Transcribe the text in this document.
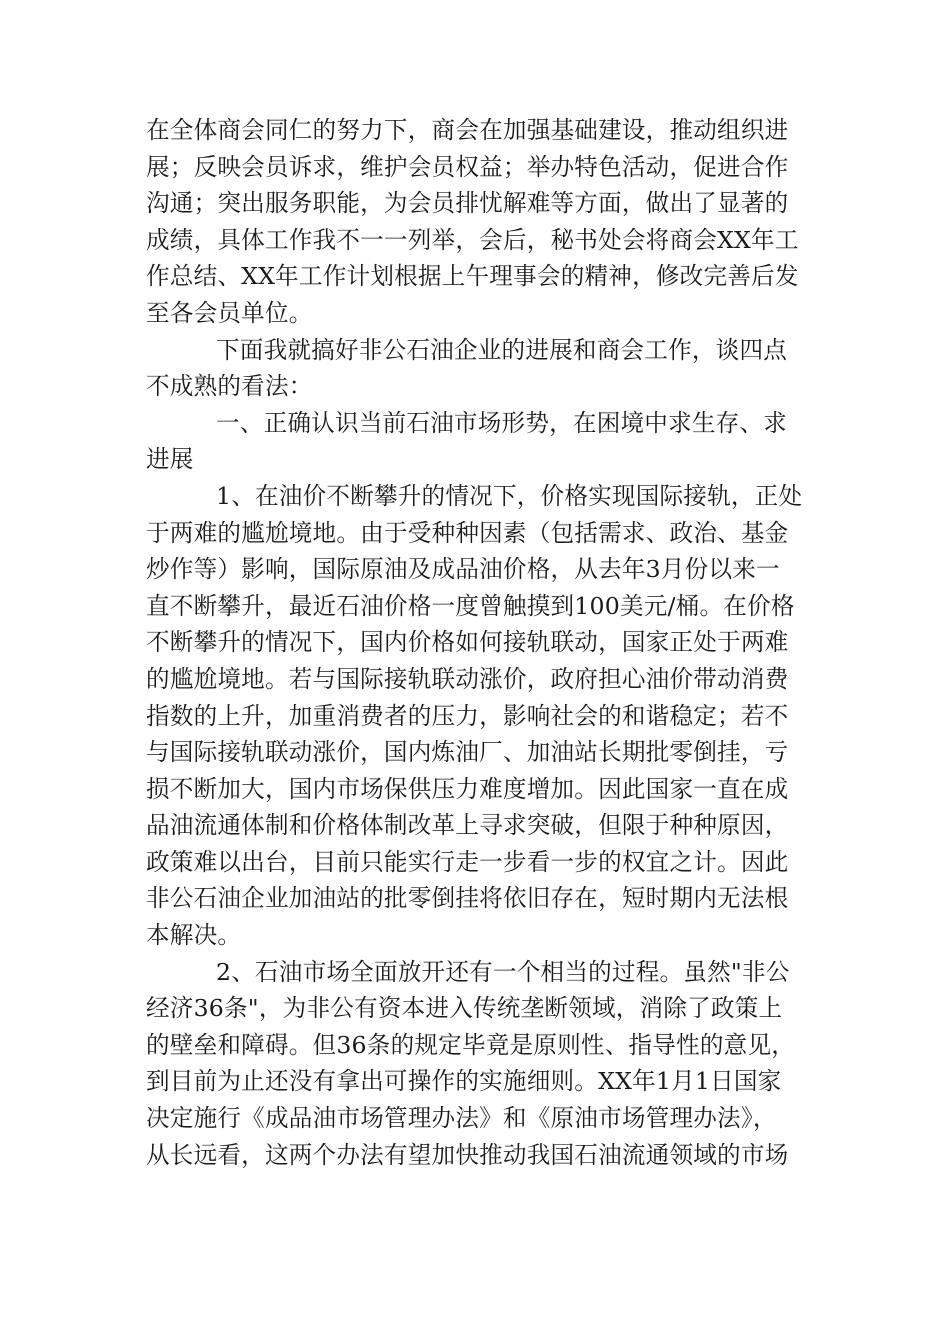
在全体商会同仁的努力下，商会在加强基础建设，推动组织进
展；反映会员诉求，维护会员权益；举办特色活动，促进合作
沟通；突出服务职能，为会员排忧解难等方面，做出了显著的
成绩，具体工作我不一一列举，会后，秘书处会将商会XX年工
作总结、XX年工作计划根据上午理事会的精神，修改完善后发
至各会员单位。
下面我就搞好非公石油企业的进展和商会工作，谈四点
不成熟的看法：
一、正确认识当前石油市场形势，在困境中求生存、求
进展
1、在油价不断攀升的情况下，价格实现国际接轨，正处
于两难的尴尬境地。由于受种种因素（包括需求、政治、基金
炒作等）影响，国际原油及成品油价格，从去年3月份以来一
直不断攀升，最近石油价格一度曾触摸到100美元/桶。在价格
不断攀升的情况下，国内价格如何接轨联动，国家正处于两难
的尴尬境地。若与国际接轨联动涨价，政府担心油价带动消费
指数的上升，加重消费者的压力，影响社会的和谐稳定；若不
与国际接轨联动涨价，国内炼油厂、加油站长期批零倒挂，亏
损不断加大，国内市场保供压力难度增加。因此国家一直在成
品油流通体制和价格体制改革上寻求突破，但限于种种原因，
政策难以出台，目前只能实行走一步看一步的权宜之计。因此
非公石油企业加油站的批零倒挂将依旧存在，短时期内无法根
本解决。
2、石油市场全面放开还有一个相当的过程。虽然"非公
经济36条"，为非公有资本进入传统垄断领域，消除了政策上
的壁垒和障碍。但36条的规定毕竟是原则性、指导性的意见，
到目前为止还没有拿出可操作的实施细则。XX年1月1日国家
决定施行《成品油市场管理办法》和《原油市场管理办法》，
从长远看，这两个办法有望加快推动我国石油流通领域的市场
